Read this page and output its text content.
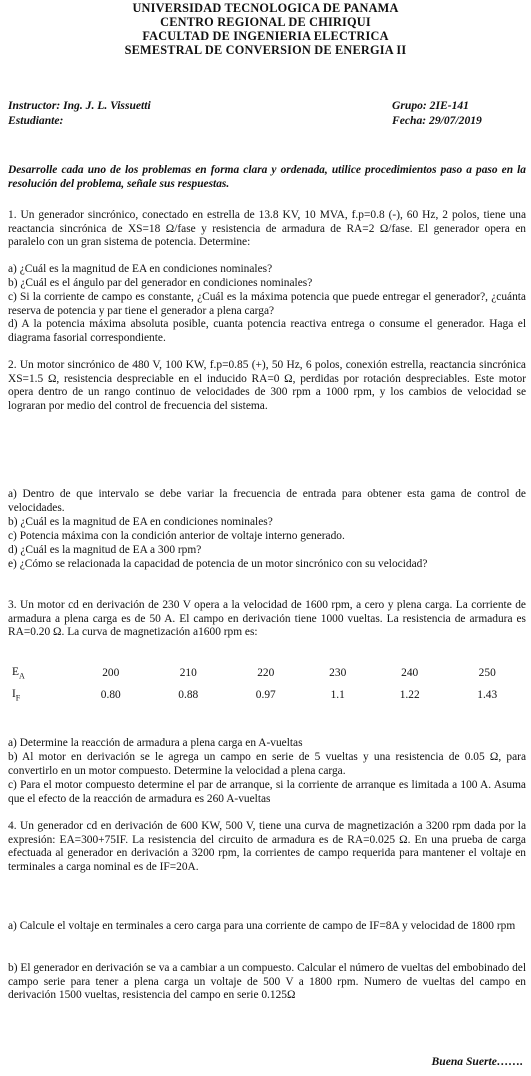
UNIVERSIDAD TECNOLOGICA DE PANAMA
CENTRO REGIONAL DE CHIRIQUI
FACULTAD DE INGENIERIA ELECTRICA
SEMESTRAL DE CONVERSION DE ENERGIA II
Instructor: Ing. J. L. Vissuetti	Grupo: 2IE-141
Estudiante:	Fecha: 29/07/2019
Desarrolle cada uno de los problemas en forma clara y ordenada, utilice procedimientos paso a paso en la resolución del problema, señale sus respuestas.
1. Un generador sincrónico, conectado en estrella de 13.8 KV, 10 MVA, f.p=0.8 (-), 60 Hz, 2 polos, tiene una reactancia sincrónica de XS=18 Ω/fase y resistencia de armadura de RA=2 Ω/fase. El generador opera en paralelo con un gran sistema de potencia. Determine:
a) ¿Cuál es la magnitud de EA en condiciones nominales?
b) ¿Cuál es el ángulo par del generador en condiciones nominales?
c) Si la corriente de campo es constante, ¿Cuál es la máxima potencia que puede entregar el generador?, ¿cuánta reserva de potencia y par tiene el generador a plena carga?
d) A la potencia máxima absoluta posible, cuanta potencia reactiva entrega o consume el generador. Haga el diagrama fasorial correspondiente.
2. Un motor sincrónico de 480 V, 100 KW, f.p=0.85 (+), 50 Hz, 6 polos, conexión estrella, reactancia sincrónica XS=1.5 Ω, resistencia despreciable en el inducido RA=0 Ω, perdidas por rotación despreciables. Este motor opera dentro de un rango continuo de velocidades de 300 rpm a 1000 rpm, y los cambios de velocidad se lograran por medio del control de frecuencia del sistema.
a) Dentro de que intervalo se debe variar la frecuencia de entrada para obtener esta gama de control de velocidades.
b) ¿Cuál es la magnitud de EA en condiciones nominales?
c) Potencia máxima con la condición anterior de voltaje interno generado.
d) ¿Cuál es la magnitud de EA a 300 rpm?
e) ¿Cómo se relacionada la capacidad de potencia de un motor sincrónico con su velocidad?
3. Un motor cd en derivación de 230 V opera a la velocidad de 1600 rpm, a cero y plena carga. La corriente de armadura a plena carga es de 50 A. El campo en derivación tiene 1000 vueltas. La resistencia de armadura es RA=0.20 Ω. La curva de magnetización a1600 rpm es:
$E_A$	200	210	220	230	240	250
$I_F$	0.80	0.88	0.97	1.1	1.22	1.43
a) Determine la reacción de armadura a plena carga en A-vueltas
b) Al motor en derivación se le agrega un campo en serie de 5 vueltas y una resistencia de 0.05 Ω, para convertirlo en un motor compuesto. Determine la velocidad a plena carga.
c) Para el motor compuesto determine el par de arranque, si la corriente de arranque es limitada a 100 A. Asuma que el efecto de la reacción de armadura es 260 A-vueltas
4. Un generador cd en derivación de 600 KW, 500 V, tiene una curva de magnetización a 3200 rpm dada por la expresión: EA=300+75IF. La resistencia del circuito de armadura es de RA=0.025 Ω. En una prueba de carga efectuada al generador en derivación a 3200 rpm, la corrientes de campo requerida para mantener el voltaje en terminales a carga nominal es de IF=20A.
a) Calcule el voltaje en terminales a cero carga para una corriente de campo de IF=8A y velocidad de 1800 rpm
b) El generador en derivación se va a cambiar a un compuesto. Calcular el número de vueltas del embobinado del campo serie para tener a plena carga un voltaje de 500 V a 1800 rpm. Numero de vueltas del campo en derivación 1500 vueltas, resistencia del campo en serie 0.125Ω
Buena Suerte…….
